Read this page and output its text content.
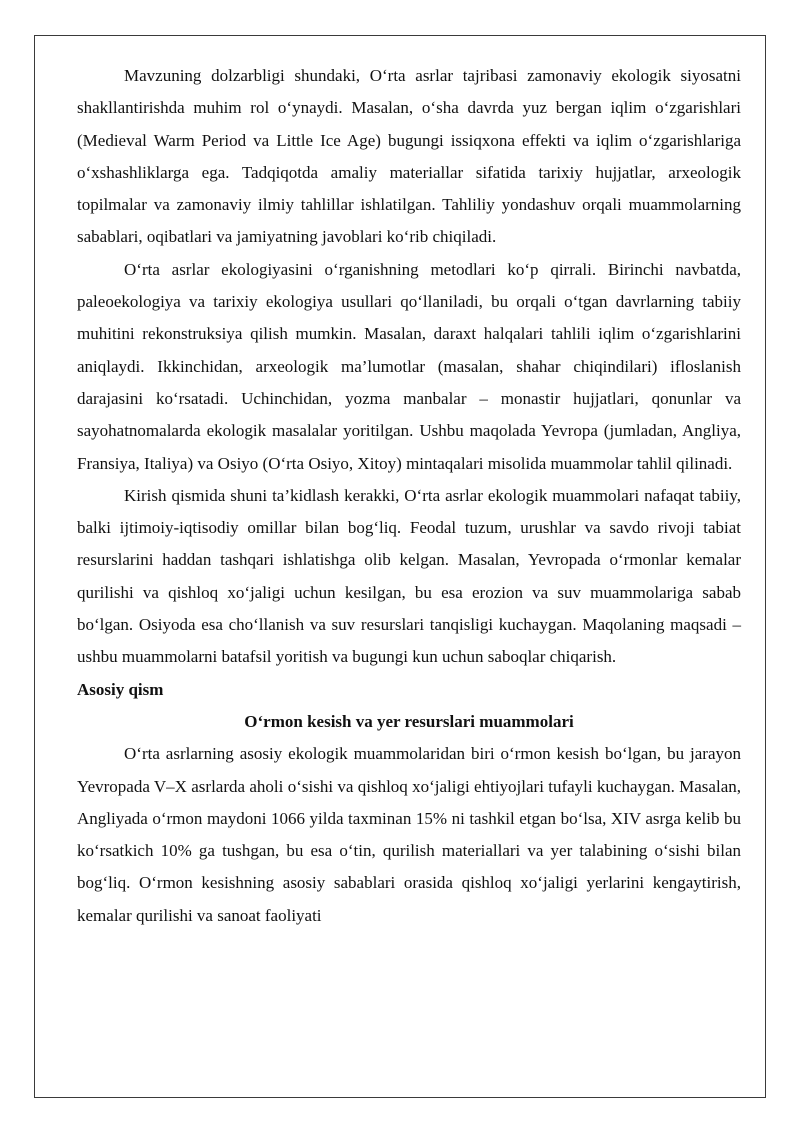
Mavzuning dolzarbligi shundaki, O‘rta asrlar tajribasi zamonaviy ekologik siyosatni shakllantirishda muhim rol o‘ynaydi. Masalan, o‘sha davrda yuz bergan iqlim o‘zgarishlari (Medieval Warm Period va Little Ice Age) bugungi issiqxona effekti va iqlim o‘zgarishlariga o‘xshashliklarga ega. Tadqiqotda amaliy materiallar sifatida tarixiy hujjatlar, arxeologik topilmalar va zamonaviy ilmiy tahlillar ishlatilgan. Tahliliy yondashuv orqali muammolarning sabablari, oqibatlari va jamiyatning javoblari ko‘rib chiqiladi.

O‘rta asrlar ekologiyasini o‘rganishning metodlari ko‘p qirrali. Birinchi navbatda, paleoekologiya va tarixiy ekologiya usullari qo‘llaniladi, bu orqali o‘tgan davrlarning tabiiy muhitini rekonstruksiya qilish mumkin. Masalan, daraxt halqalari tahlili iqlim o‘zgarishlarini aniqlaydi. Ikkinchidan, arxeologik ma’lumotlar (masalan, shahar chiqindilari) ifloslanish darajasini ko‘rsatadi. Uchinchidan, yozma manbalar – monastir hujjatlari, qonunlar va sayohatnomalarda ekologik masalalar yoritilgan. Ushbu maqolada Yevropa (jumladan, Angliya, Fransiya, Italiya) va Osiyo (O‘rta Osiyo, Xitoy) mintaqalari misolida muammolar tahlil qilinadi.

Kirish qismida shuni ta’kidlash kerakki, O‘rta asrlar ekologik muammolari nafaqat tabiiy, balki ijtimoiy-iqtisodiy omillar bilan bog‘liq. Feodal tuzum, urushlar va savdo rivoji tabiat resurslarini haddan tashqari ishlatishga olib kelgan. Masalan, Yevropada o‘rmonlar kemalar qurilishi va qishloq xo‘jaligi uchun kesilgan, bu esa erozion va suv muammolariga sabab bo‘lgan. Osiyoda esa cho‘llanish va suv resurslari tanqisligi kuchaygan. Maqolaning maqsadi – ushbu muammolarni batafsil yoritish va bugungi kun uchun saboqlar chiqarish.

Asosiy qism
O‘rmon kesish va yer resurslari muammolari

O‘rta asrlarning asosiy ekologik muammolaridan biri o‘rmon kesish bo‘lgan, bu jarayon Yevropada V–X asrlarda aholi o‘sishi va qishloq xo‘jaligi ehtiyojlari tufayli kuchaygan. Masalan, Angliyada o‘rmon maydoni 1066 yilda taxminan 15% ni tashkil etgan bo‘lsa, XIV asrga kelib bu ko‘rsatkich 10% ga tushgan, bu esa o‘tin, qurilish materiallari va yer talabining o‘sishi bilan bog‘liq. O‘rmon kesishning asosiy sabablari orasida qishloq xo‘jaligi yerlarini kengaytirish, kemalar qurilishi va sanoat faoliyati
